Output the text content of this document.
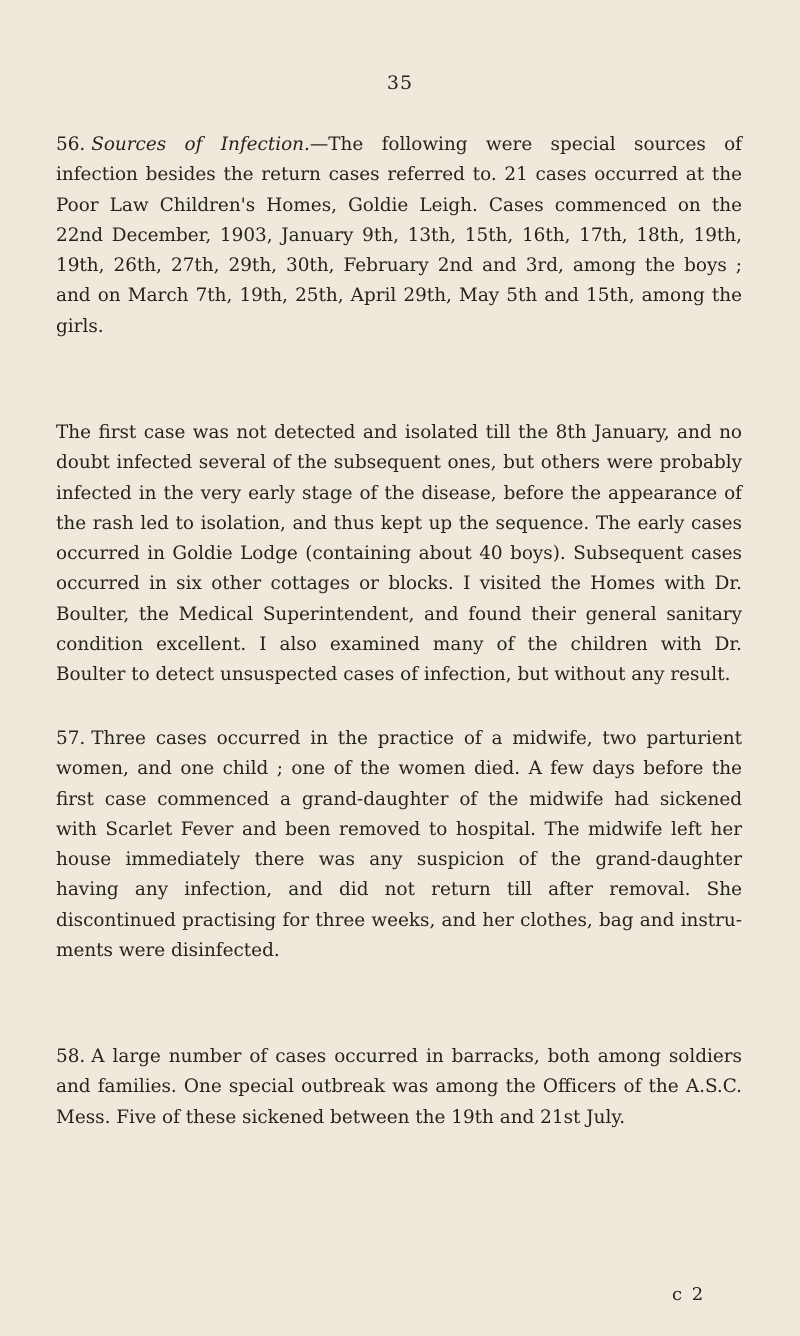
35

56. Sources of Infection.—The following were special sources of infection besides the return cases referred to. 21 cases occurred at the Poor Law Children's Homes, Goldie Leigh. Cases commenced on the 22nd December, 1903, January 9th, 13th, 15th, 16th, 17th, 18th, 19th, 19th, 26th, 27th, 29th, 30th, February 2nd and 3rd, among the boys ; and on March 7th, 19th, 25th, April 29th, May 5th and 15th, among the girls.

The first case was not detected and isolated till the 8th January, and no doubt infected several of the subsequent ones, but others were probably infected in the very early stage of the disease, before the appearance of the rash led to isolation, and thus kept up the sequence. The early cases occurred in Goldie Lodge (containing about 40 boys). Subsequent cases occurred in six other cottages or blocks. I visited the Homes with Dr. Boulter, the Medical Superintendent, and found their general sanitary condition excellent. I also examined many of the children with Dr. Boulter to detect unsuspected cases of infection, but without any result.

57. Three cases occurred in the practice of a midwife, two parturient women, and one child ; one of the women died. A few days before the first case commenced a grand-daughter of the midwife had sickened with Scarlet Fever and been removed to hospital. The midwife left her house immediately there was any suspicion of the grand-daughter having any infection, and did not return till after removal. She discontinued practising for three weeks, and her clothes, bag and instru- ments were disinfected.

58. A large number of cases occurred in barracks, both among soldiers and families. One special outbreak was among the Officers of the A.S.C. Mess. Five of these sickened between the 19th and 21st July.

c 2
